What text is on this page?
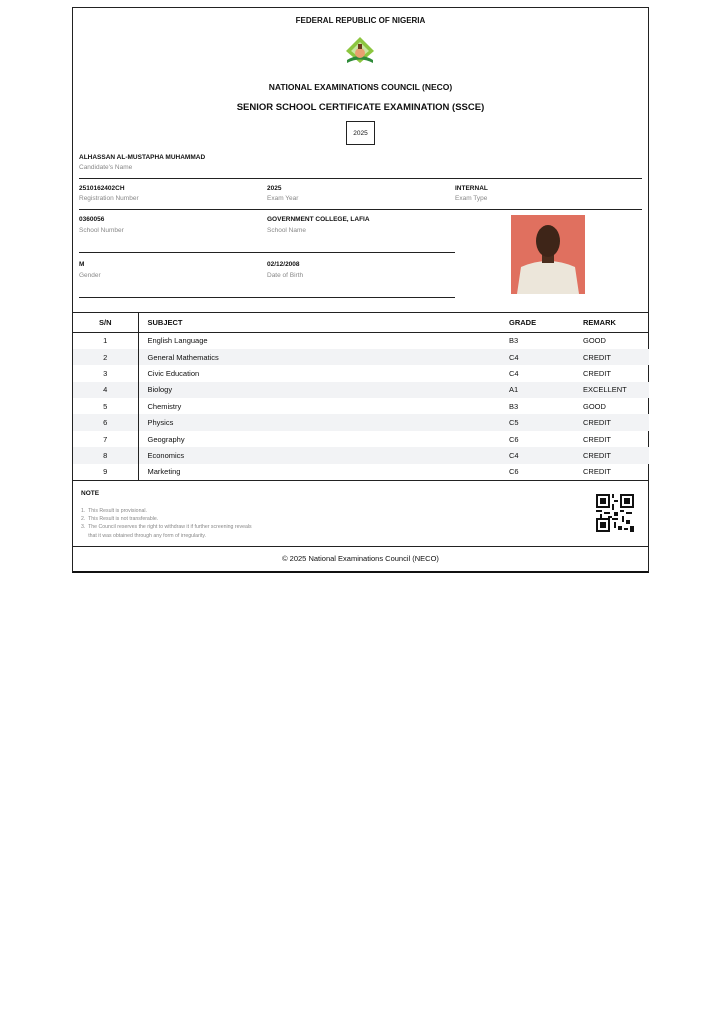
FEDERAL REPUBLIC OF NIGERIA
NATIONAL EXAMINATIONS COUNCIL (NECO)
SENIOR SCHOOL CERTIFICATE EXAMINATION (SSCE)
2025
ALHASSAN AL-MUSTAPHA MUHAMMAD
Candidate's Name
2510162402CH
Registration Number
2025
Exam Year
INTERNAL
Exam Type
0360056
School Number
GOVERNMENT COLLEGE, LAFIA
School Name
M
Gender
02/12/2008
Date of Birth
S/N	SUBJECT	GRADE	REMARK
1	English Language	B3	GOOD
2	General Mathematics	C4	CREDIT
3	Civic Education	C4	CREDIT
4	Biology	A1	EXCELLENT
5	Chemistry	B3	GOOD
6	Physics	C5	CREDIT
7	Geography	C6	CREDIT
8	Economics	C4	CREDIT
9	Marketing	C6	CREDIT
NOTE
1.  This Result is provisional.
2.  This Result is not transferable.
3.  The Council reserves the right to withdraw it if further screening reveals
that it was obtained through any form of irregularity.
© 2025 National Examinations Council (NECO)
